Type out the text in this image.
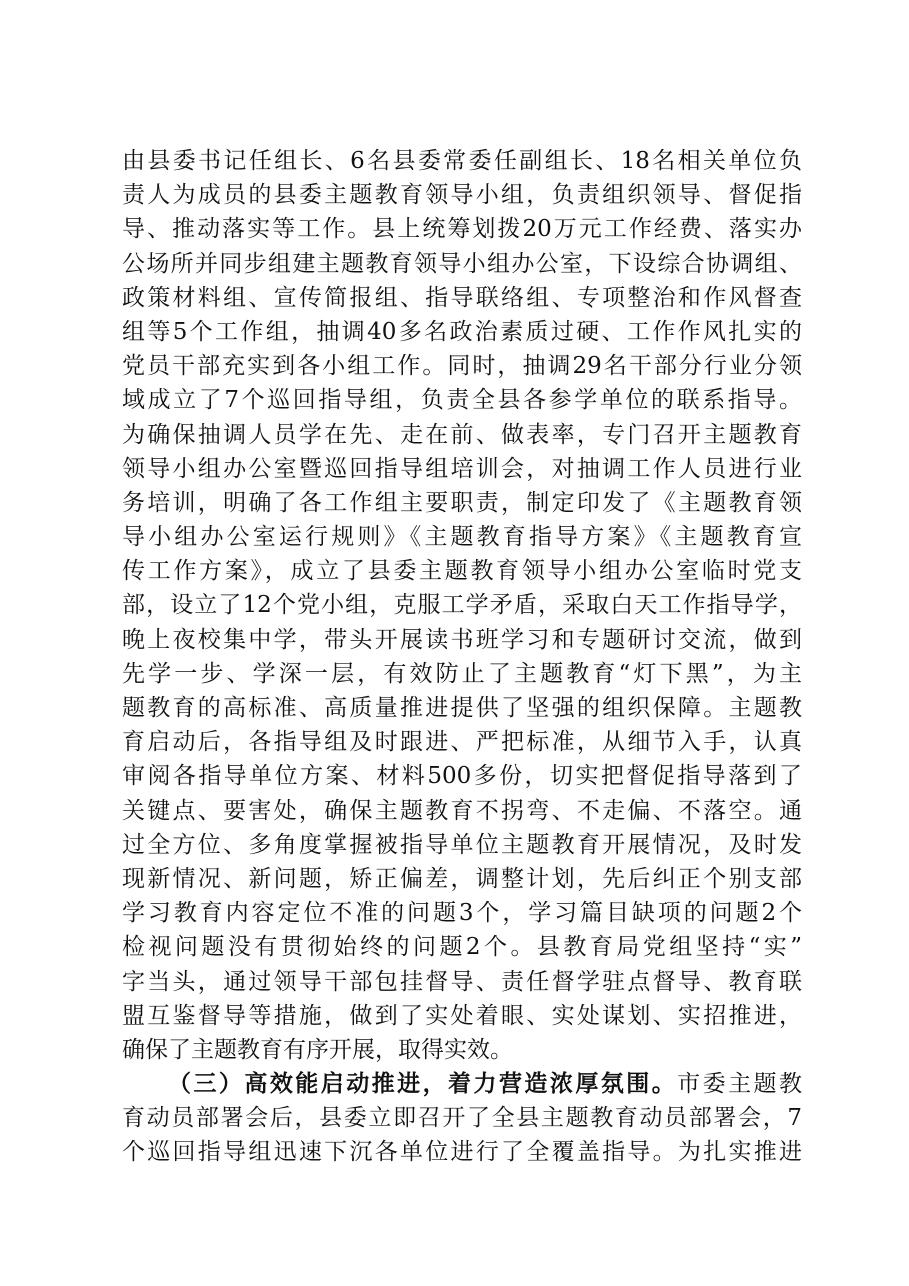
由县委书记任组长、6名县委常委任副组长、18名相关单位负
责人为成员的县委主题教育领导小组，负责组织领导、督促指
导、推动落实等工作。县上统筹划拨20万元工作经费、落实办
公场所并同步组建主题教育领导小组办公室，下设综合协调组、
政策材料组、宣传简报组、指导联络组、专项整治和作风督查
组等5个工作组，抽调40多名政治素质过硬、工作作风扎实的
党员干部充实到各小组工作。同时，抽调29名干部分行业分领
域成立了7个巡回指导组，负责全县各参学单位的联系指导。
为确保抽调人员学在先、走在前、做表率，专门召开主题教育
领导小组办公室暨巡回指导组培训会，对抽调工作人员进行业
务培训，明确了各工作组主要职责，制定印发了《主题教育领
导小组办公室运行规则》《主题教育指导方案》《主题教育宣
传工作方案》，成立了县委主题教育领导小组办公室临时党支
部，设立了12个党小组，克服工学矛盾，采取白天工作指导学，
晚上夜校集中学，带头开展读书班学习和专题研讨交流，做到
先学一步、学深一层，有效防止了主题教育“灯下黑”，为主
题教育的高标准、高质量推进提供了坚强的组织保障。主题教
育启动后，各指导组及时跟进、严把标准，从细节入手，认真
审阅各指导单位方案、材料500多份，切实把督促指导落到了
关键点、要害处，确保主题教育不拐弯、不走偏、不落空。通
过全方位、多角度掌握被指导单位主题教育开展情况，及时发
现新情况、新问题，矫正偏差，调整计划，先后纠正个别支部
学习教育内容定位不准的问题3个，学习篇目缺项的问题2个
检视问题没有贯彻始终的问题2个。县教育局党组坚持“实”
字当头，通过领导干部包挂督导、责任督学驻点督导、教育联
盟互鉴督导等措施，做到了实处着眼、实处谋划、实招推进，
确保了主题教育有序开展，取得实效。
（三）高效能启动推进，着力营造浓厚氛围。市委主题教
育动员部署会后，县委立即召开了全县主题教育动员部署会，7
个巡回指导组迅速下沉各单位进行了全覆盖指导。为扎实推进
